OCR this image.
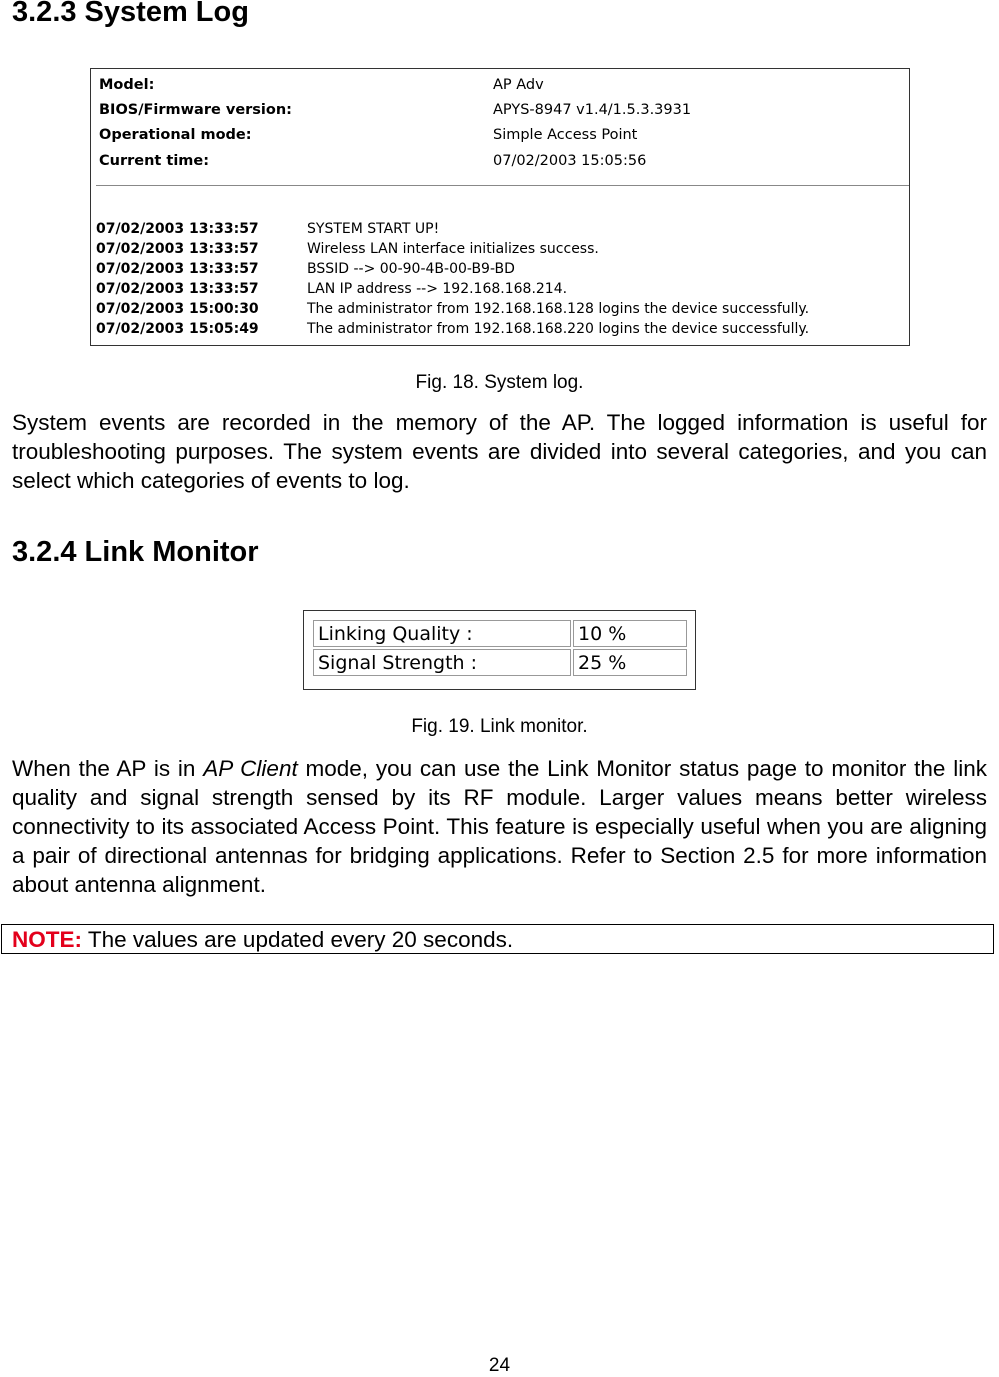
3.2.3 System Log
Model:	AP Adv
BIOS/Firmware version:	APYS-8947 v1.4/1.5.3.3931
Operational mode:	Simple Access Point
Current time:	07/02/2003 15:05:56
07/02/2003 13:33:57	SYSTEM START UP!
07/02/2003 13:33:57	Wireless LAN interface initializes success.
07/02/2003 13:33:57	BSSID --> 00-90-4B-00-B9-BD
07/02/2003 13:33:57	LAN IP address --> 192.168.168.214.
07/02/2003 15:00:30	The administrator from 192.168.168.128 logins the device successfully.
07/02/2003 15:05:49	The administrator from 192.168.168.220 logins the device successfully.
Fig. 18. System log.

System events are recorded in the memory of the AP. The logged information is useful for troubleshooting purposes. The system events are divided into several categories, and you can select which categories of events to log.

3.2.4 Link Monitor
Linking Quality :	10 %
Signal Strength :	25 %
Fig. 19. Link monitor.

When the AP is in AP Client mode, you can use the Link Monitor status page to monitor the link quality and signal strength sensed by its RF module. Larger values means better wireless connectivity to its associated Access Point. This feature is especially useful when you are aligning a pair of directional antennas for bridging applications. Refer to Section 2.5 for more information about antenna alignment.

NOTE: The values are updated every 20 seconds.
24
